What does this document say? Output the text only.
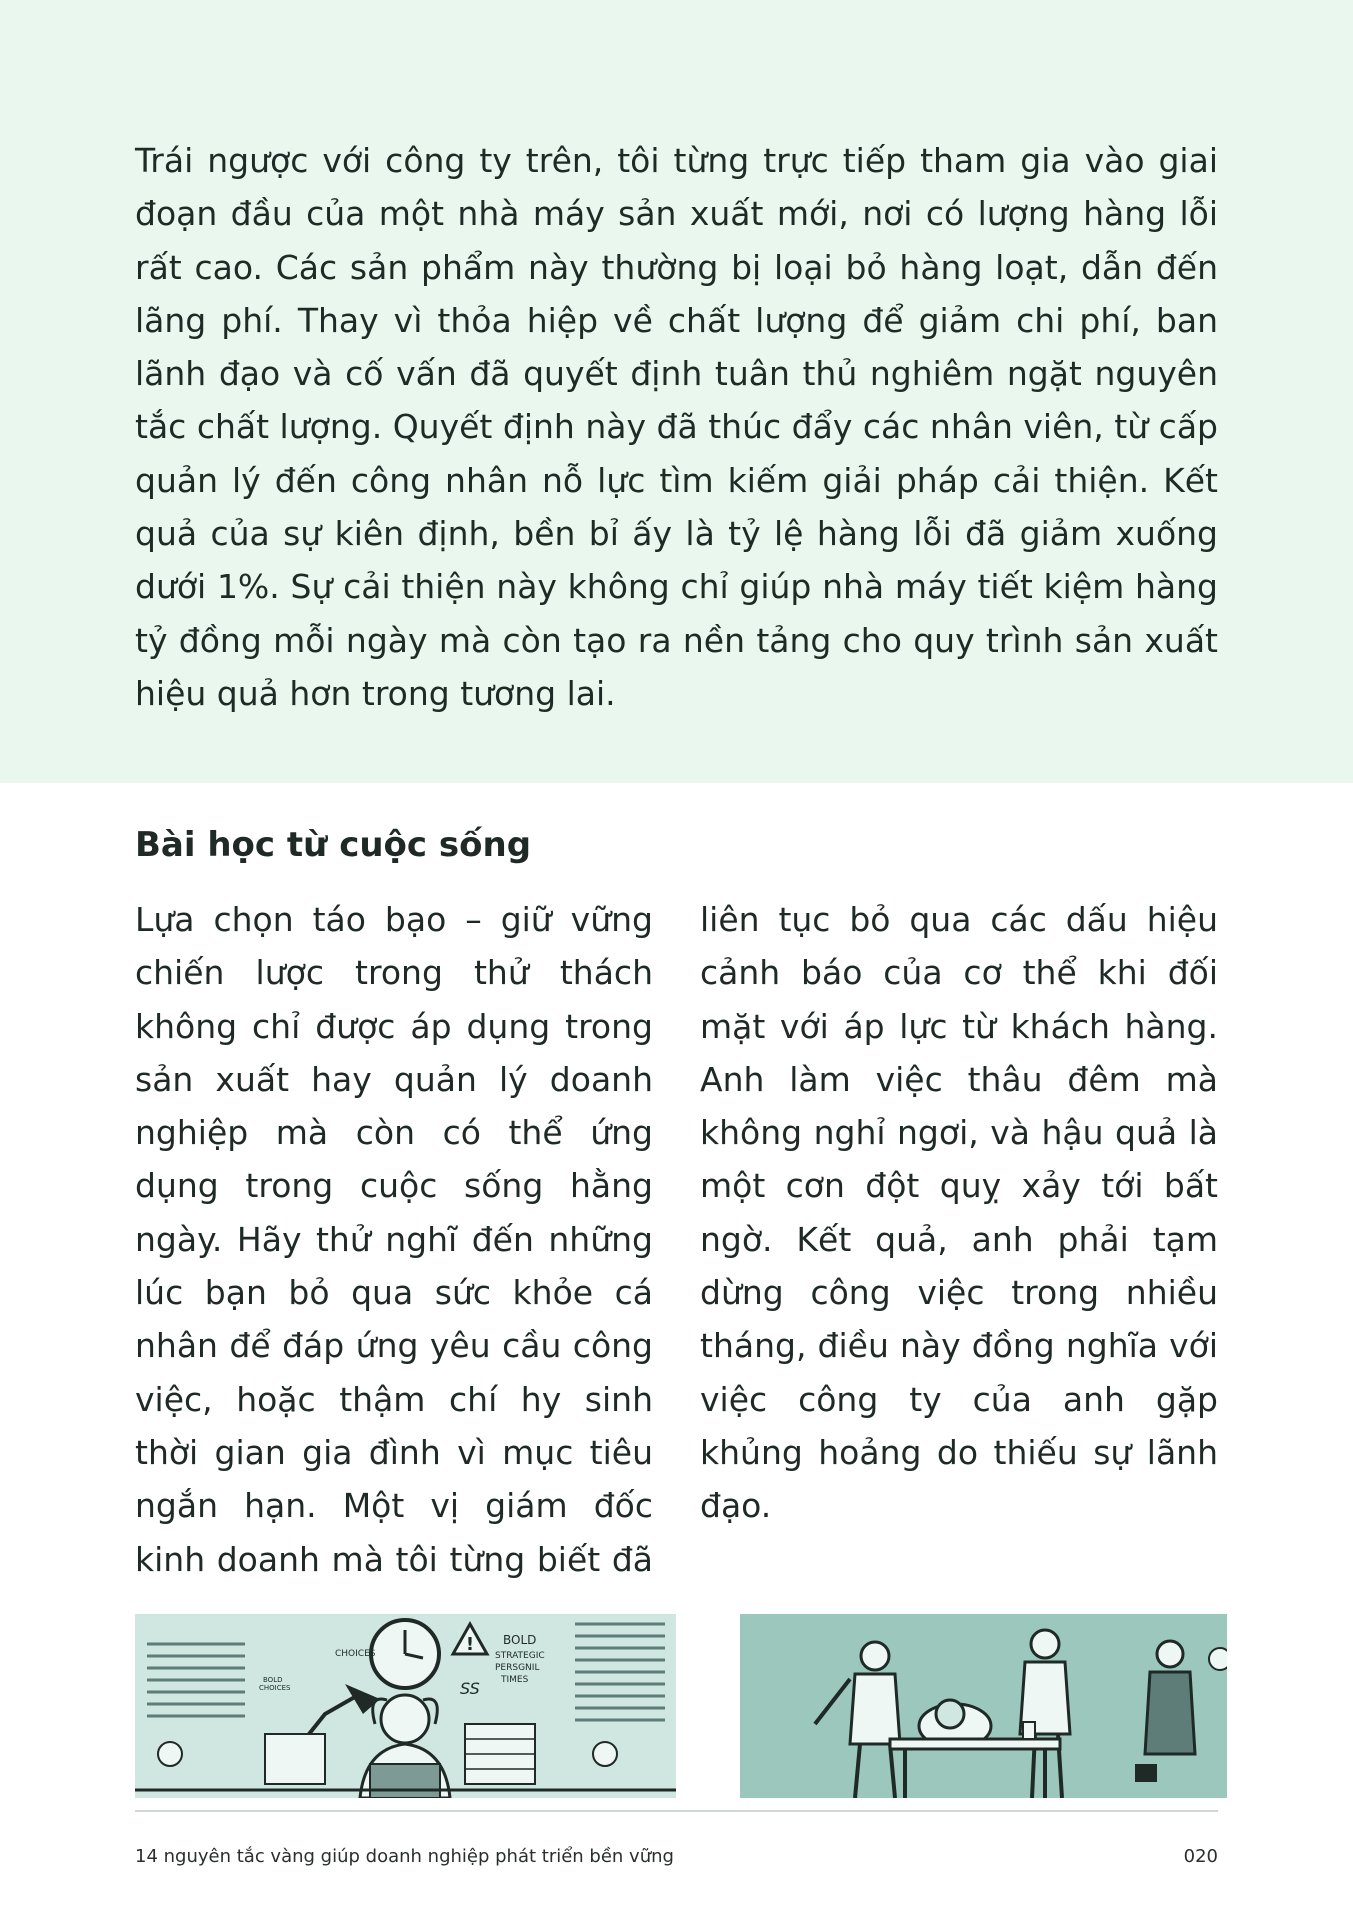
Trái ngược với công ty trên, tôi từng trực tiếp tham gia vào giai đoạn đầu của một nhà máy sản xuất mới, nơi có lượng hàng lỗi rất cao. Các sản phẩm này thường bị loại bỏ hàng loạt, dẫn đến lãng phí. Thay vì thỏa hiệp về chất lượng để giảm chi phí, ban lãnh đạo và cố vấn đã quyết định tuân thủ nghiêm ngặt nguyên tắc chất lượng. Quyết định này đã thúc đẩy các nhân viên, từ cấp quản lý đến công nhân nỗ lực tìm kiếm giải pháp cải thiện. Kết quả của sự kiên định, bền bỉ ấy là tỷ lệ hàng lỗi đã giảm xuống dưới 1%. Sự cải thiện này không chỉ giúp nhà máy tiết kiệm hàng tỷ đồng mỗi ngày mà còn tạo ra nền tảng cho quy trình sản xuất hiệu quả hơn trong tương lai.

Bài học từ cuộc sống

Lựa chọn táo bạo – giữ vững chiến lược trong thử thách không chỉ được áp dụng trong sản xuất hay quản lý doanh nghiệp mà còn có thể ứng dụng trong cuộc sống hằng ngày. Hãy thử nghĩ đến những lúc bạn bỏ qua sức khỏe cá nhân để đáp ứng yêu cầu công việc, hoặc thậm chí hy sinh thời gian gia đình vì mục tiêu ngắn hạn. Một vị giám đốc kinh doanh mà tôi từng biết đã liên tục bỏ qua các dấu hiệu cảnh báo của cơ thể khi đối mặt với áp lực từ khách hàng. Anh làm việc thâu đêm mà không nghỉ ngơi, và hậu quả là một cơn đột quỵ xảy tới bất ngờ. Kết quả, anh phải tạm dừng công việc trong nhiều tháng, điều này đồng nghĩa với việc công ty của anh gặp khủng hoảng do thiếu sự lãnh đạo.

!
CHOICES
BOLD
CHOICES
BOLD
STRATEGIC
PERSGNIL
TIMES
SS
14 nguyên tắc vàng giúp doanh nghiệp phát triển bền vững	020
